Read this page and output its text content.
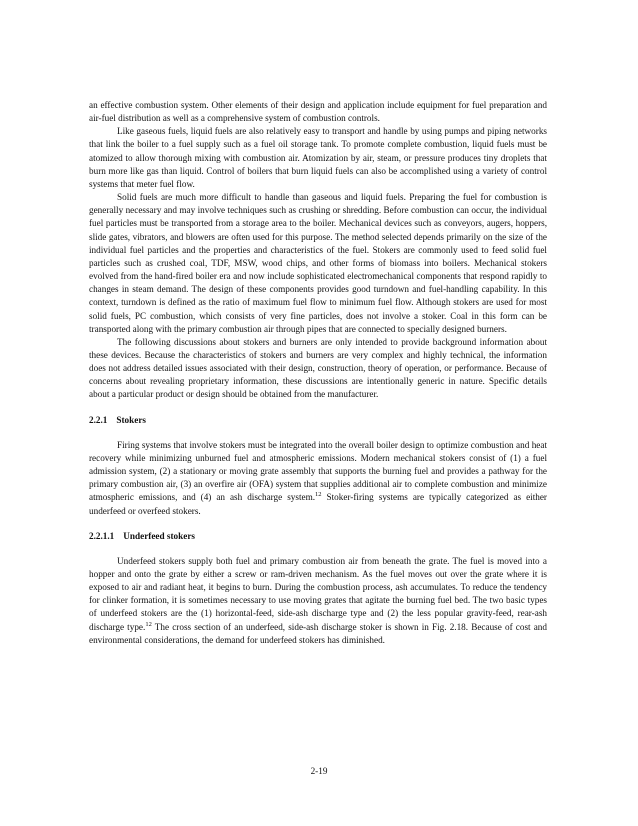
an effective combustion system. Other elements of their design and application include equipment for fuel preparation and air-fuel distribution as well as a comprehensive system of combustion controls.

Like gaseous fuels, liquid fuels are also relatively easy to transport and handle by using pumps and piping networks that link the boiler to a fuel supply such as a fuel oil storage tank. To promote complete combustion, liquid fuels must be atomized to allow thorough mixing with combustion air. Atomization by air, steam, or pressure produces tiny droplets that burn more like gas than liquid. Control of boilers that burn liquid fuels can also be accomplished using a variety of control systems that meter fuel flow.

Solid fuels are much more difficult to handle than gaseous and liquid fuels. Preparing the fuel for combustion is generally necessary and may involve techniques such as crushing or shredding. Before combustion can occur, the individual fuel particles must be transported from a storage area to the boiler. Mechanical devices such as conveyors, augers, hoppers, slide gates, vibrators, and blowers are often used for this purpose. The method selected depends primarily on the size of the individual fuel particles and the properties and characteristics of the fuel. Stokers are commonly used to feed solid fuel particles such as crushed coal, TDF, MSW, wood chips, and other forms of biomass into boilers. Mechanical stokers evolved from the hand-fired boiler era and now include sophisticated electromechanical components that respond rapidly to changes in steam demand. The design of these components provides good turndown and fuel-handling capability. In this context, turndown is defined as the ratio of maximum fuel flow to minimum fuel flow. Although stokers are used for most solid fuels, PC combustion, which consists of very fine particles, does not involve a stoker. Coal in this form can be transported along with the primary combustion air through pipes that are connected to specially designed burners.

The following discussions about stokers and burners are only intended to provide background information about these devices. Because the characteristics of stokers and burners are very complex and highly technical, the information does not address detailed issues associated with their design, construction, theory of operation, or performance. Because of concerns about revealing proprietary information, these discussions are intentionally generic in nature. Specific details about a particular product or design should be obtained from the manufacturer.

2.2.1 Stokers

Firing systems that involve stokers must be integrated into the overall boiler design to optimize combustion and heat recovery while minimizing unburned fuel and atmospheric emissions. Modern mechanical stokers consist of (1) a fuel admission system, (2) a stationary or moving grate assembly that supports the burning fuel and provides a pathway for the primary combustion air, (3) an overfire air (OFA) system that supplies additional air to complete combustion and minimize atmospheric emissions, and (4) an ash discharge system.$^{12}$ Stoker-firing systems are typically categorized as either underfeed or overfeed stokers.

2.2.1.1 Underfeed stokers

Underfeed stokers supply both fuel and primary combustion air from beneath the grate. The fuel is moved into a hopper and onto the grate by either a screw or ram-driven mechanism. As the fuel moves out over the grate where it is exposed to air and radiant heat, it begins to burn. During the combustion process, ash accumulates. To reduce the tendency for clinker formation, it is sometimes necessary to use moving grates that agitate the burning fuel bed. The two basic types of underfeed stokers are the (1) horizontal-feed, side-ash discharge type and (2) the less popular gravity-feed, rear-ash discharge type.$^{12}$ The cross section of an underfeed, side-ash discharge stoker is shown in Fig. 2.18. Because of cost and environmental considerations, the demand for underfeed stokers has diminished.

2-19
